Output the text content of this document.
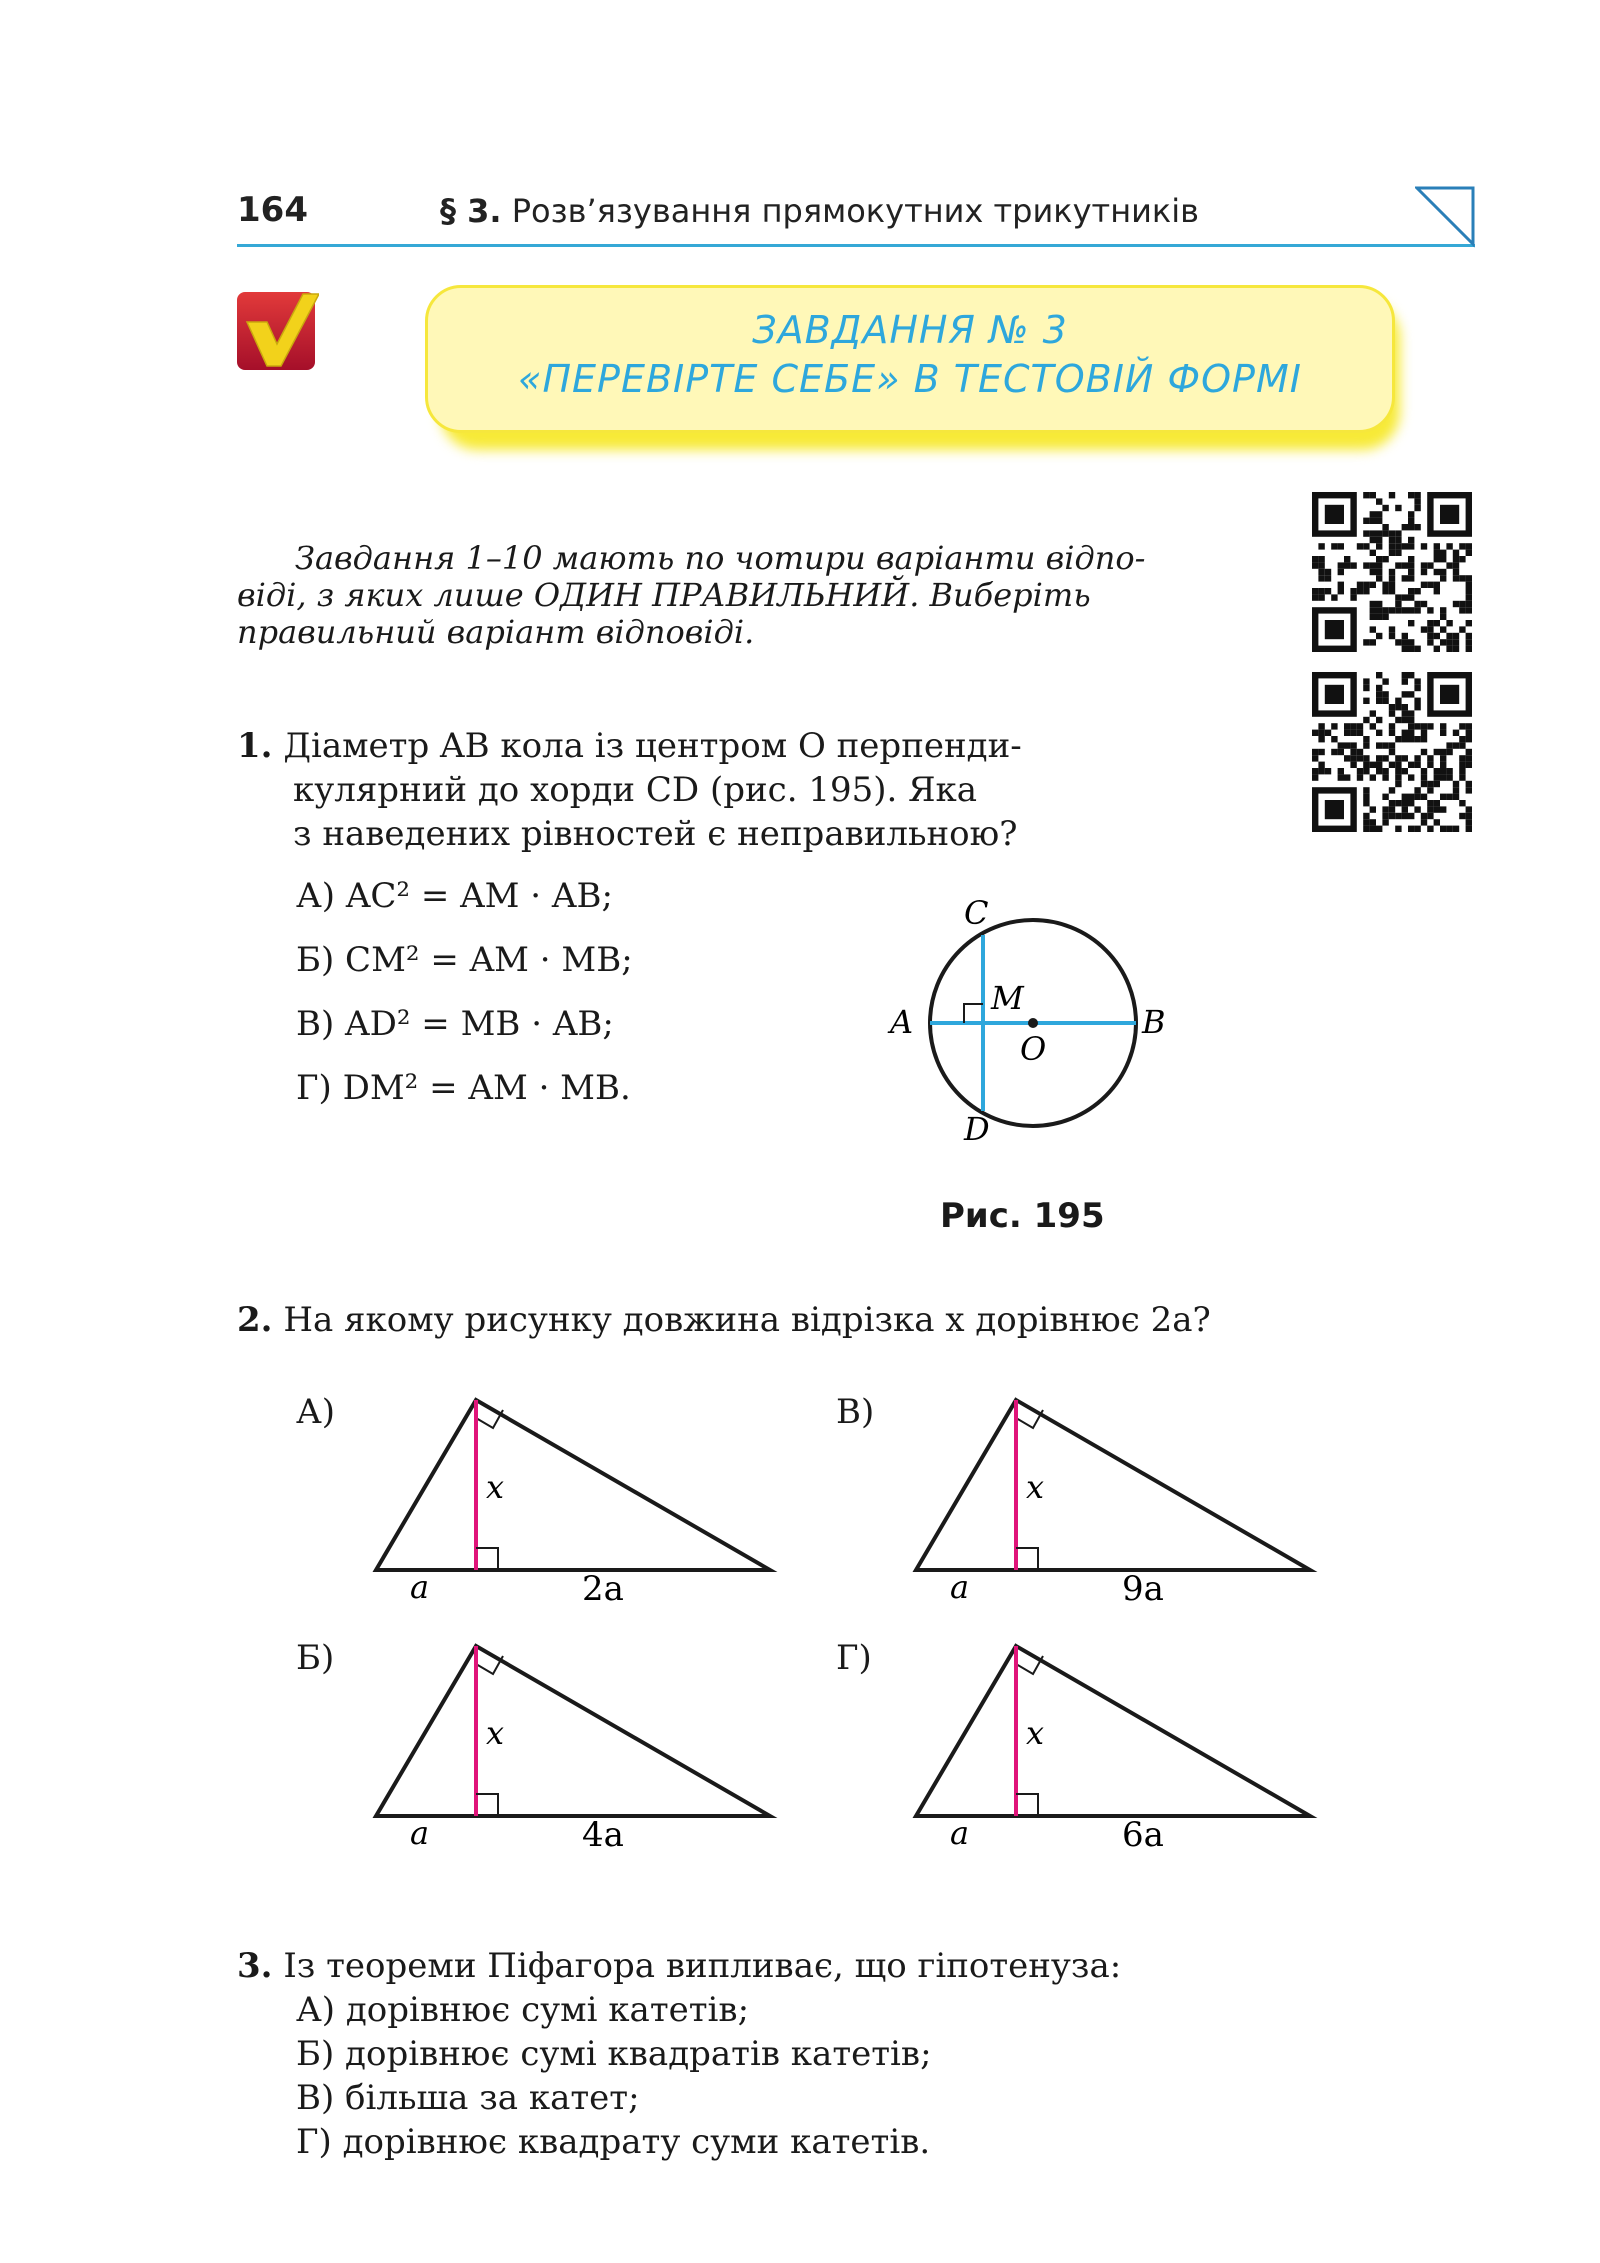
164	§ 3. Розв’язування прямокутних трикутників
ЗАВДАННЯ № 3
«ПЕРЕВІРТЕ СЕБЕ» В ТЕСТОВІЙ ФОРМІ
Завдання 1–10 мають по чотири варіанти відпо-
віді, з яких лише ОДИН ПРАВИЛЬНИЙ. Виберіть
правильний варіант відповіді.
1. Діаметр AB кола із центром O перпенди-
кулярний до хорди CD (рис. 195). Яка
з наведених рівностей є неправильною?
А) AC² = AM · AB;
Б) CM² = AM · MB;
В) AD² = MB · AB;
Г) DM² = AM · MB.
C
A
M
B
O
D
Рис. 195
2. На якому рисунку довжина відрізка x дорівнює 2a?
А)	В)
Б)	Г)
x
a	2a
x
a	9a
x
a	4a
x
a	6a
3. Із теореми Піфагора випливає, що гіпотенуза:
А) дорівнює сумі катетів;
Б) дорівнює сумі квадратів катетів;
В) більша за катет;
Г) дорівнює квадрату суми катетів.
